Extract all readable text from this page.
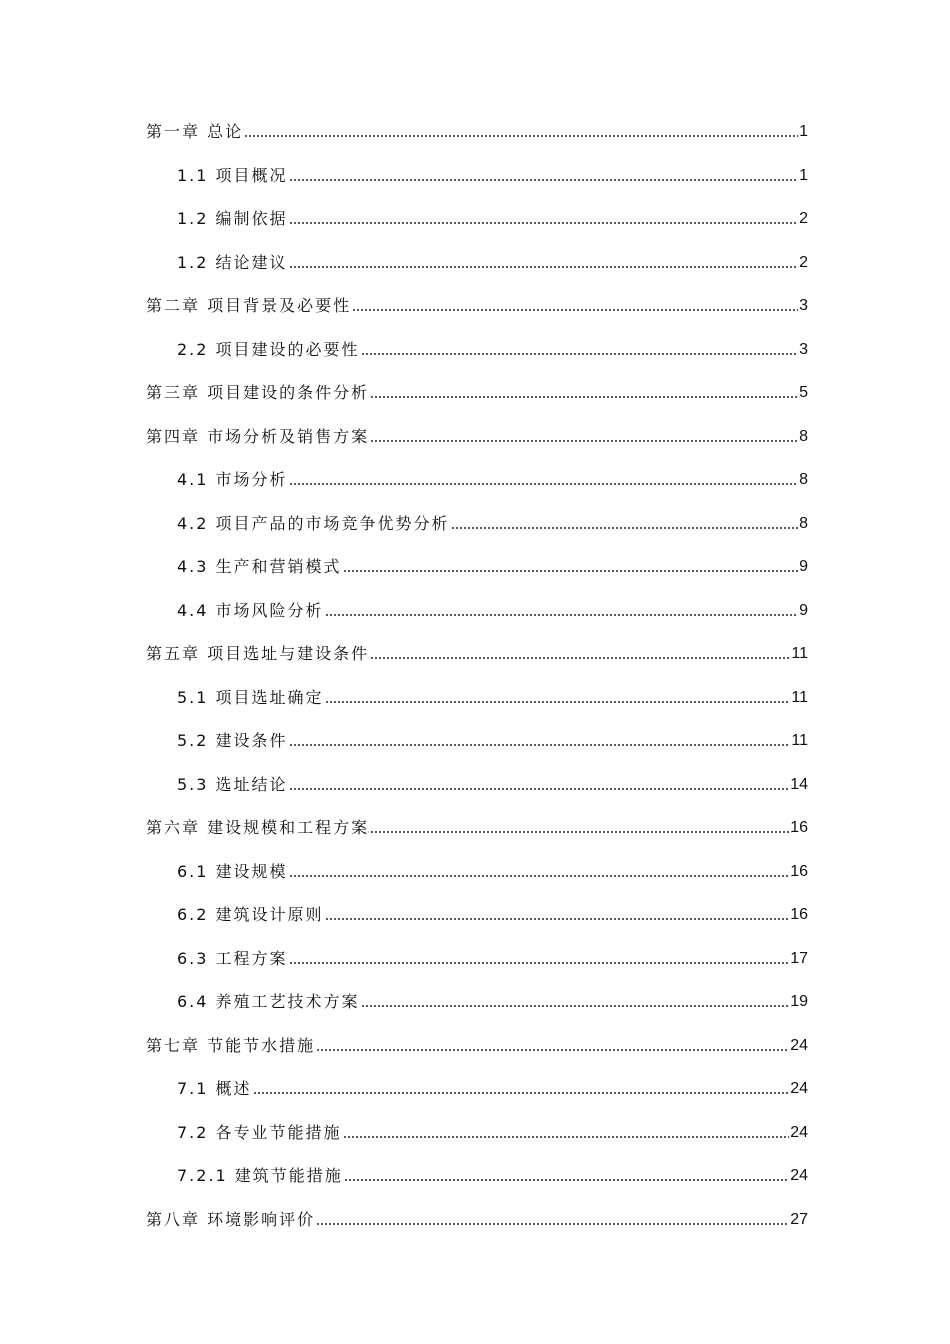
第一章 总论	1
1.1 项目概况	1
1.2 编制依据	2
1.2 结论建议	2
第二章 项目背景及必要性	3
2.2 项目建设的必要性	3
第三章 项目建设的条件分析	5
第四章 市场分析及销售方案	8
4.1 市场分析	8
4.2 项目产品的市场竞争优势分析	8
4.3 生产和营销模式	9
4.4 市场风险分析	9
第五章 项目选址与建设条件	11
5.1 项目选址确定	11
5.2 建设条件	11
5.3 选址结论	14
第六章 建设规模和工程方案	16
6.1 建设规模	16
6.2 建筑设计原则	16
6.3 工程方案	17
6.4 养殖工艺技术方案	19
第七章 节能节水措施	24
7.1 概述	24
7.2 各专业节能措施	24
7.2.1 建筑节能措施	24
第八章 环境影响评价	27
